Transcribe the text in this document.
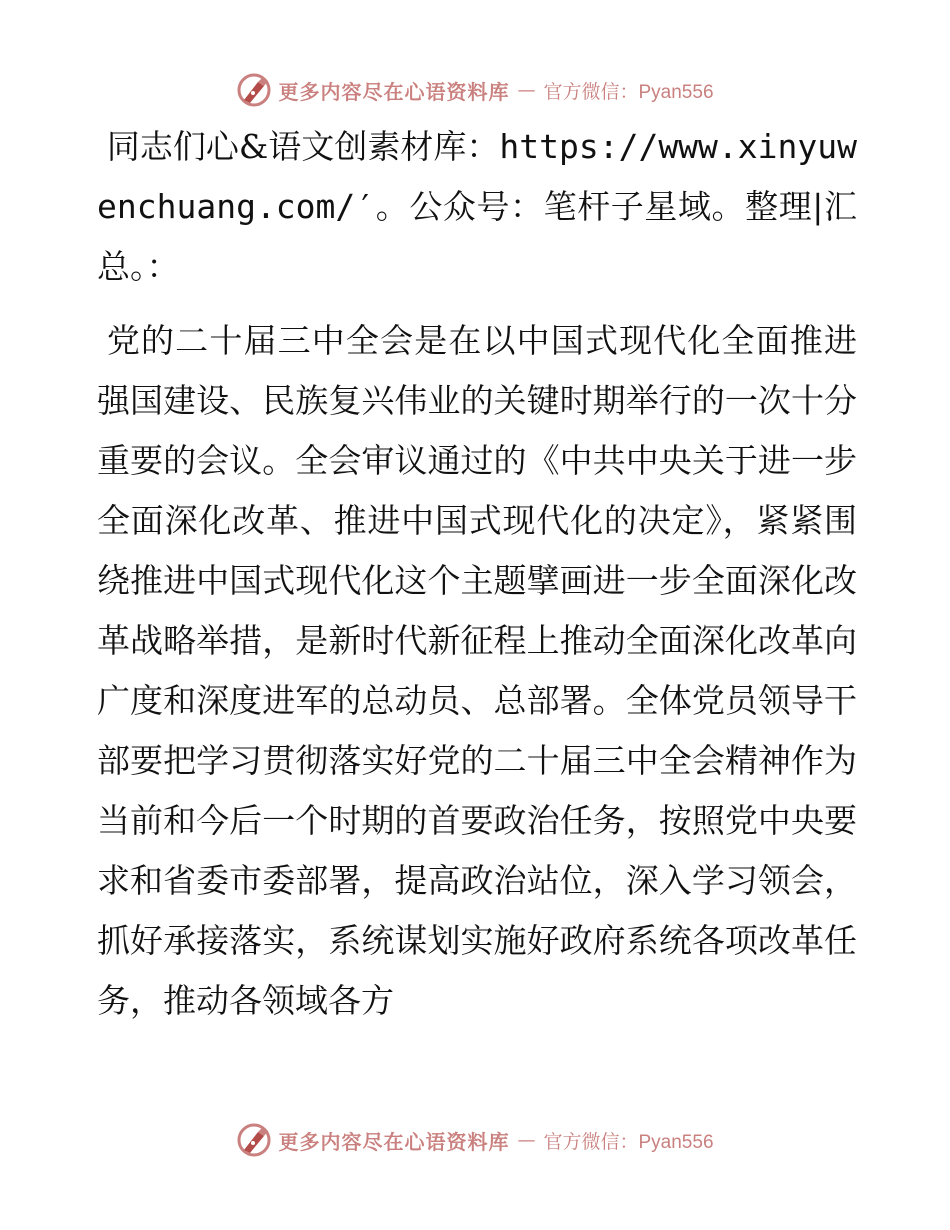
更多内容尽在心语资料库 — 官方微信：Pyan556

同志们心&语文创素材库：https://www.xinyuwenchuang.com/′。公众号：笔杆子星域。整理|汇总。：

党的二十届三中全会是在以中国式现代化全面推进强国建设、民族复兴伟业的关键时期举行的一次十分重要的会议。全会审议通过的《中共中央关于进一步全面深化改革、推进中国式现代化的决定》，紧紧围绕推进中国式现代化这个主题擘画进一步全面深化改革战略举措，是新时代新征程上推动全面深化改革向广度和深度进军的总动员、总部署。全体党员领导干部要把学习贯彻落实好党的二十届三中全会精神作为当前和今后一个时期的首要政治任务，按照党中央要求和省委市委部署，提高政治站位，深入学习领会，抓好承接落实，系统谋划实施好政府系统各项改革任务，推动各领域各方

更多内容尽在心语资料库 — 官方微信：Pyan556
